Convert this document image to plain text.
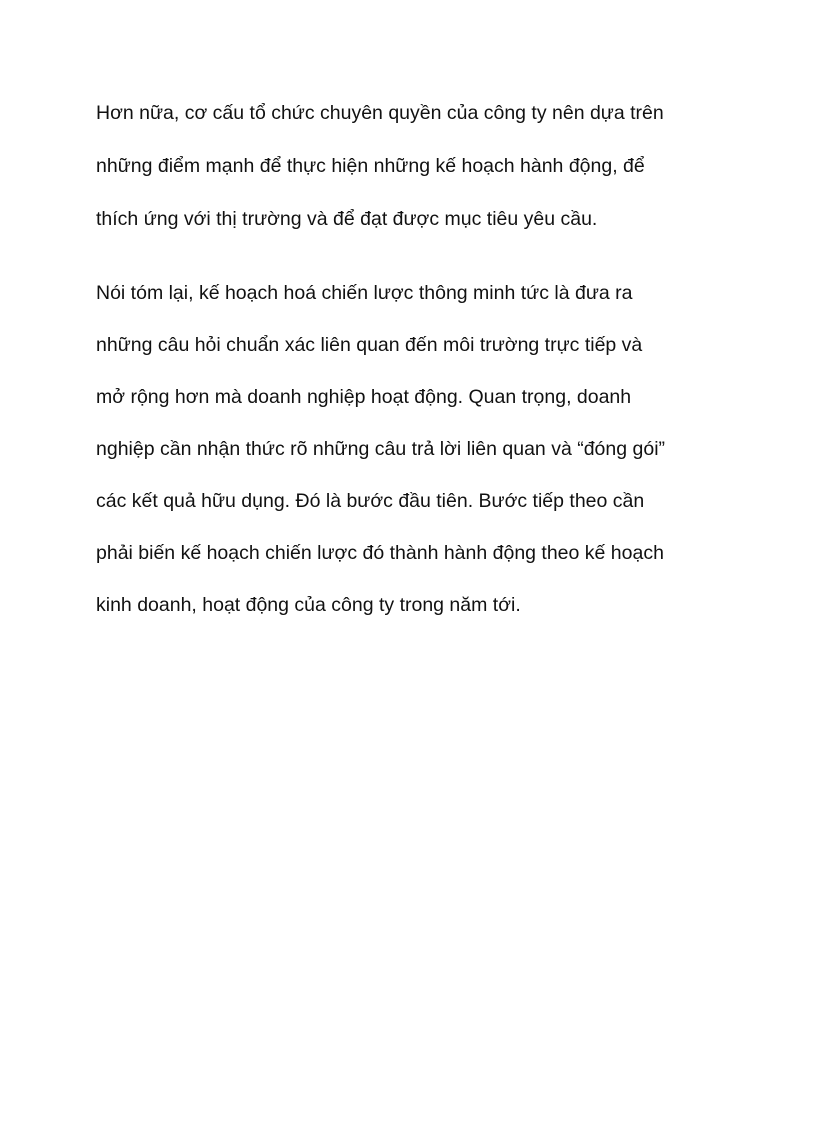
Hơn nữa, cơ cấu tổ chức chuyên quyền của công ty nên dựa trên
những điểm mạnh để thực hiện những kế hoạch hành động, để
thích ứng với thị trường và để đạt được mục tiêu yêu cầu.
Nói tóm lại, kế hoạch hoá chiến lược thông minh tức là đưa ra
những câu hỏi chuẩn xác liên quan đến môi trường trực tiếp và
mở rộng hơn mà doanh nghiệp hoạt động. Quan trọng, doanh
nghiệp cần nhận thức rõ những câu trả lời liên quan và “đóng gói”
các kết quả hữu dụng. Đó là bước đầu tiên. Bước tiếp theo cần
phải biến kế hoạch chiến lược đó thành hành động theo kế hoạch
kinh doanh, hoạt động của công ty trong năm tới.
